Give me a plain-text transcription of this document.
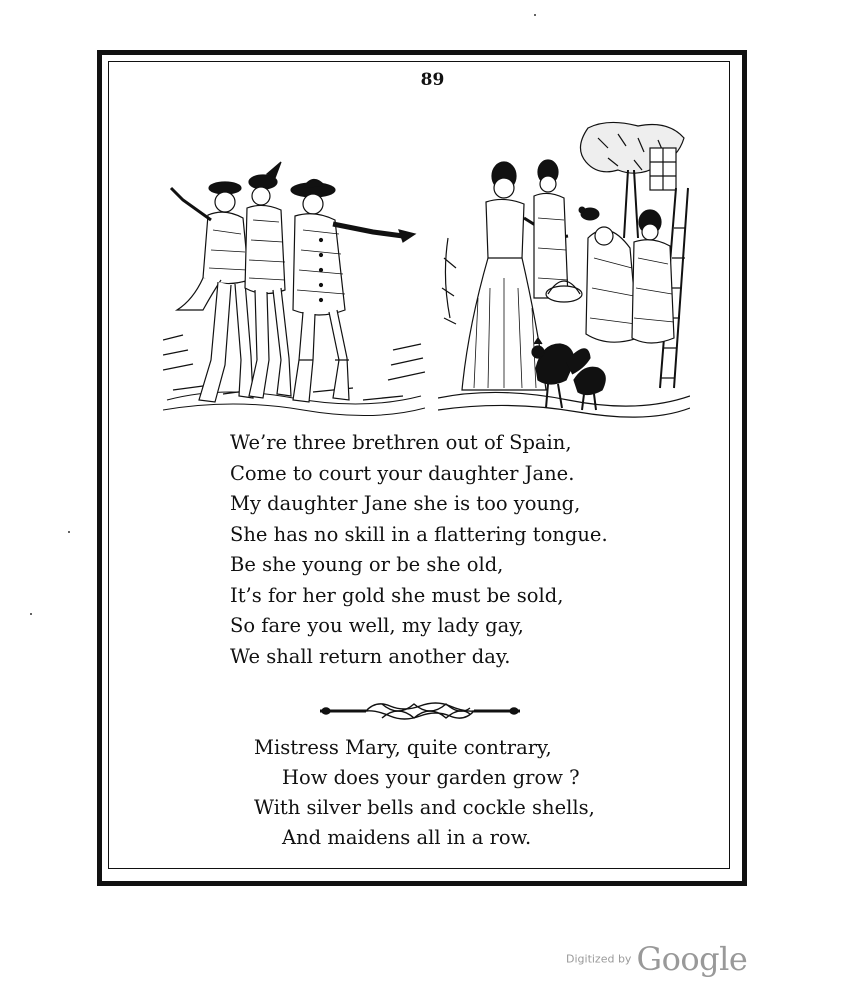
89
We’re three brethren out of Spain,
Come to court your daughter Jane.
My daughter Jane she is too young,
She has no skill in a flattering tongue.
Be she young or be she old,
It’s for her gold she must be sold,
So fare you well, my lady gay,
We shall return another day.
Mistress Mary, quite contrary,
How does your garden grow ?
With silver bells and cockle shells,
And maidens all in a row.
Digitized by Google
